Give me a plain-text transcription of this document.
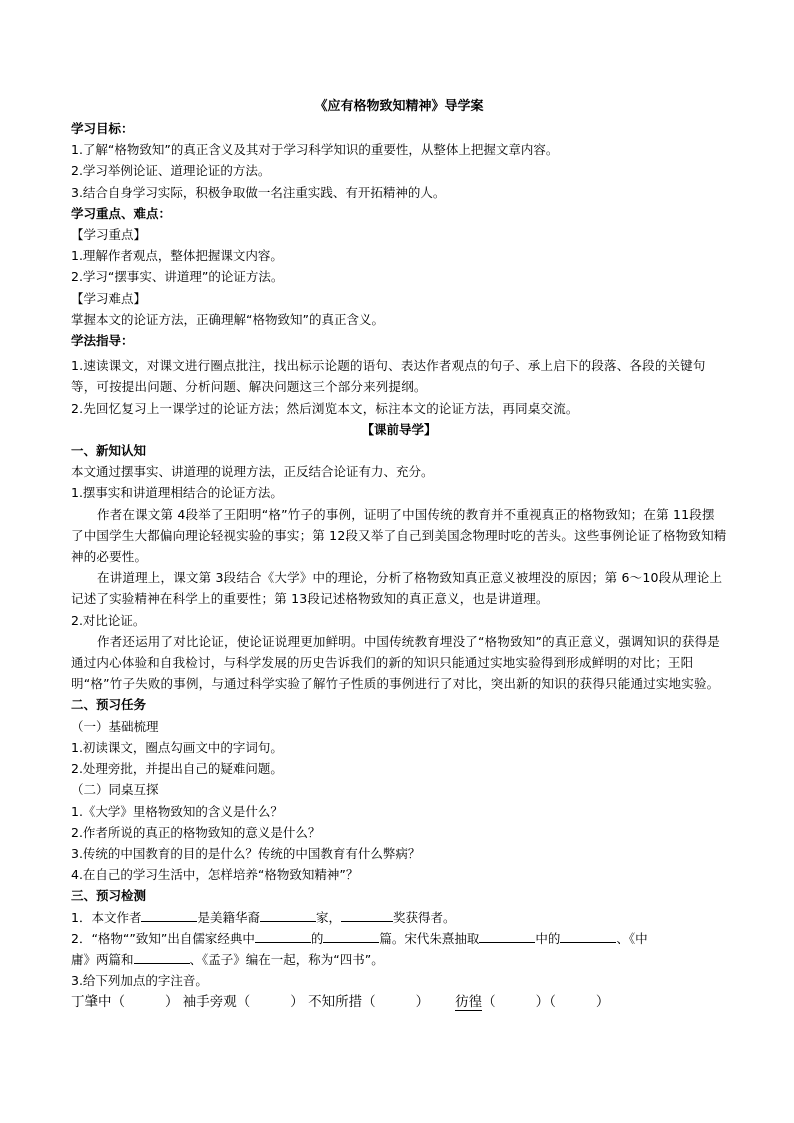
《应有格物致知精神》导学案

学习目标：

1.了解“格物致知”的真正含义及其对于学习科学知识的重要性，从整体上把握文章内容。

2.学习举例论证、道理论证的方法。

3.结合自身学习实际，积极争取做一名注重实践、有开拓精神的人。

学习重点、难点：

【学习重点】

1.理解作者观点，整体把握课文内容。

2.学习“摆事实、讲道理”的论证方法。

【学习难点】

掌握本文的论证方法，正确理解“格物致知”的真正含义。

学法指导：

1.速读课文，对课文进行圈点批注，找出标示论题的语句、表达作者观点的句子、承上启下的段落、各段的关键句等，可按提出问题、分析问题、解决问题这三个部分来列提纲。

2.先回忆复习上一课学过的论证方法；然后浏览本文，标注本文的论证方法，再同桌交流。

【课前导学】

一、新知认知

本文通过摆事实、讲道理的说理方法，正反结合论证有力、充分。

1.摆事实和讲道理相结合的论证方法。

作者在课文第 4段举了王阳明“格”竹子的事例，证明了中国传统的教育并不重视真正的格物致知；在第 11段摆了中国学生大都偏向理论轻视实验的事实；第 12段又举了自己到美国念物理时吃的苦头。这些事例论证了格物致知精神的必要性。

在讲道理上，课文第 3段结合《大学》中的理论，分析了格物致知真正意义被埋没的原因；第 6～10段从理论上记述了实验精神在科学上的重要性；第 13段记述格物致知的真正意义，也是讲道理。

2.对比论证。

作者还运用了对比论证，使论证说理更加鲜明。中国传统教育埋没了“格物致知”的真正意义，强调知识的获得是通过内心体验和自我检讨，与科学发展的历史告诉我们的新的知识只能通过实地实验得到形成鲜明的对比；王阳明“格”竹子失败的事例，与通过科学实验了解竹子性质的事例进行了对比，突出新的知识的获得只能通过实地实验。

二、预习任务

（一）基础梳理

1.初读课文，圈点勾画文中的字词句。

2.处理旁批，并提出自己的疑难问题。

（二）同桌互探

1.《大学》里格物致知的含义是什么？

2.作者所说的真正的格物致知的意义是什么？

3.传统的中国教育的目的是什么？传统的中国教育有什么弊病？

4.在自己的学习生活中，怎样培养“格物致知精神”？

三、预习检测

1．本文作者	是美籍华裔	家，	奖获得者。

2．“格物“”致知”出自儒家经典中	的	篇。宋代朱熹抽取	中的	、《中

庸》两篇和	、《孟子》编在一起，称为“四书”。

3.给下列加点的字注音。

丁肇中（	） 袖手旁观（	） 不知所措（	） 彷徨（	）（	）
